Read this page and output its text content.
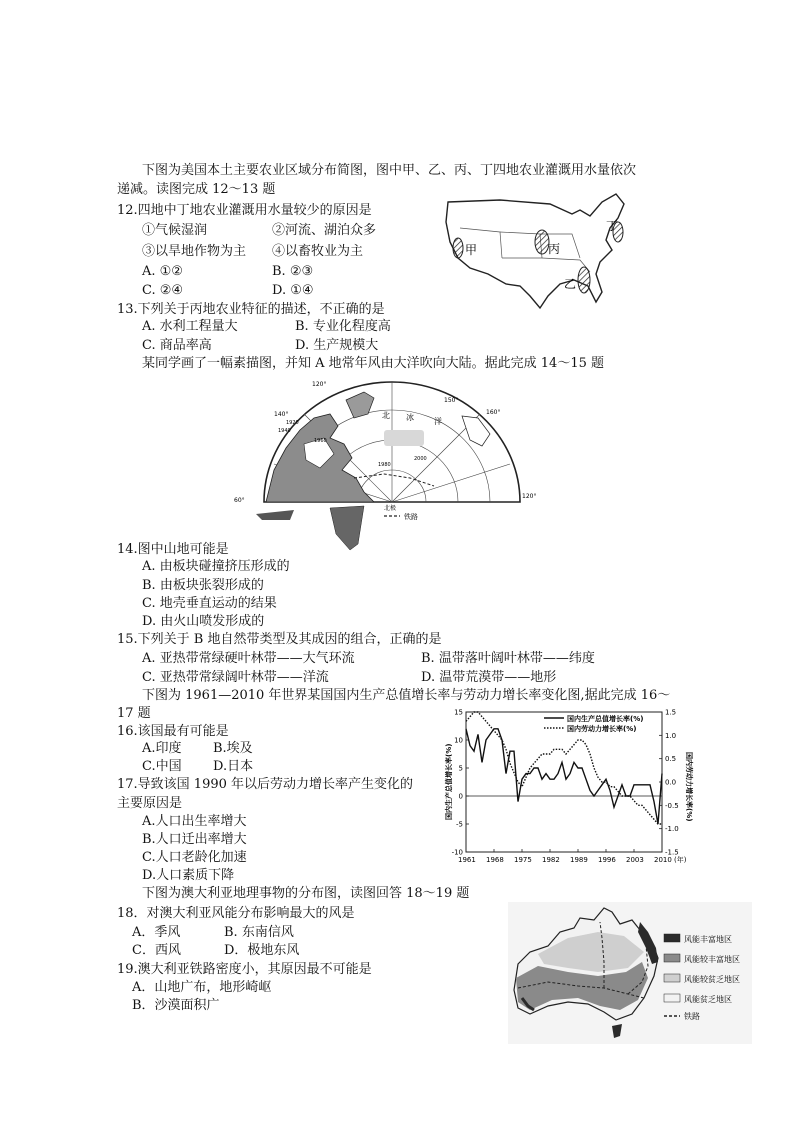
下图为美国本土主要农业区域分布简图，图中甲、乙、丙、丁四地农业灌溉用水量依次
递减。读图完成 12～13 题
12.四地中丁地农业灌溉用水量较少的原因是
①气候湿润	②河流、湖泊众多
③以旱地作物为主 ④以畜牧业为主
A. ①②	B. ②③
C. ②④	D. ①④
13.下列关于丙地农业特征的描述，不正确的是
A. 水利工程量大	B. 专业化程度高
C. 商品率高	D. 生产规模大
甲	丙
丁
乙
某同学画了一幅素描图，并知 A 地常年风由大洋吹向大陆。据此完成 14～15 题
120°
150°
160°
140°
120°
60°
北 冰	洋
1920
1940
1960
1980
2000
北极
铁路
14.图中山地可能是
A. 由板块碰撞挤压形成的
B. 由板块张裂形成的
C. 地壳垂直运动的结果
D. 由火山喷发形成的
15.下列关于 B 地自然带类型及其成因的组合，正确的是
A. 亚热带常绿硬叶林带——大气环流	B. 温带落叶阔叶林带——纬度
C. 亚热带常绿阔叶林带——洋流	D. 温带荒漠带——地形
下图为 1961—2010 年世界某国国内生产总值增长率与劳动力增长率变化图,据此完成 16～
17 题
16.该国最有可能是
A.印度 B.埃及
C.中国 D.日本
17.导致该国 1990 年以后劳动力增长率产生变化的
主要原因是
A.人口出生率增大
B.人口迁出率增大
C.人口老龄化加速
D.人口素质下降
15
10
5
0
-5
-10
1.5
1.0
0.5
0.0
-0.5
-1.0
-1.5
1961 1968 1975 1982 1989 1996 2003 2010 (年)
国内生产总值增长率(%)	国内劳动力增长率(%)
国内生产总值增长率(%)
国内劳动力增长率(%)
下图为澳大利亚地理事物的分布图，读图回答 18～19 题
18．对澳大利亚风能分布影响最大的风是
A．季风	B. 东南信风
C．西风	D．极地东风
19.澳大利亚铁路密度小，其原因最不可能是
A．山地广布，地形崎岖
B．沙漠面积广
风能丰富地区
风能较丰富地区
风能较贫乏地区
风能贫乏地区
铁路
